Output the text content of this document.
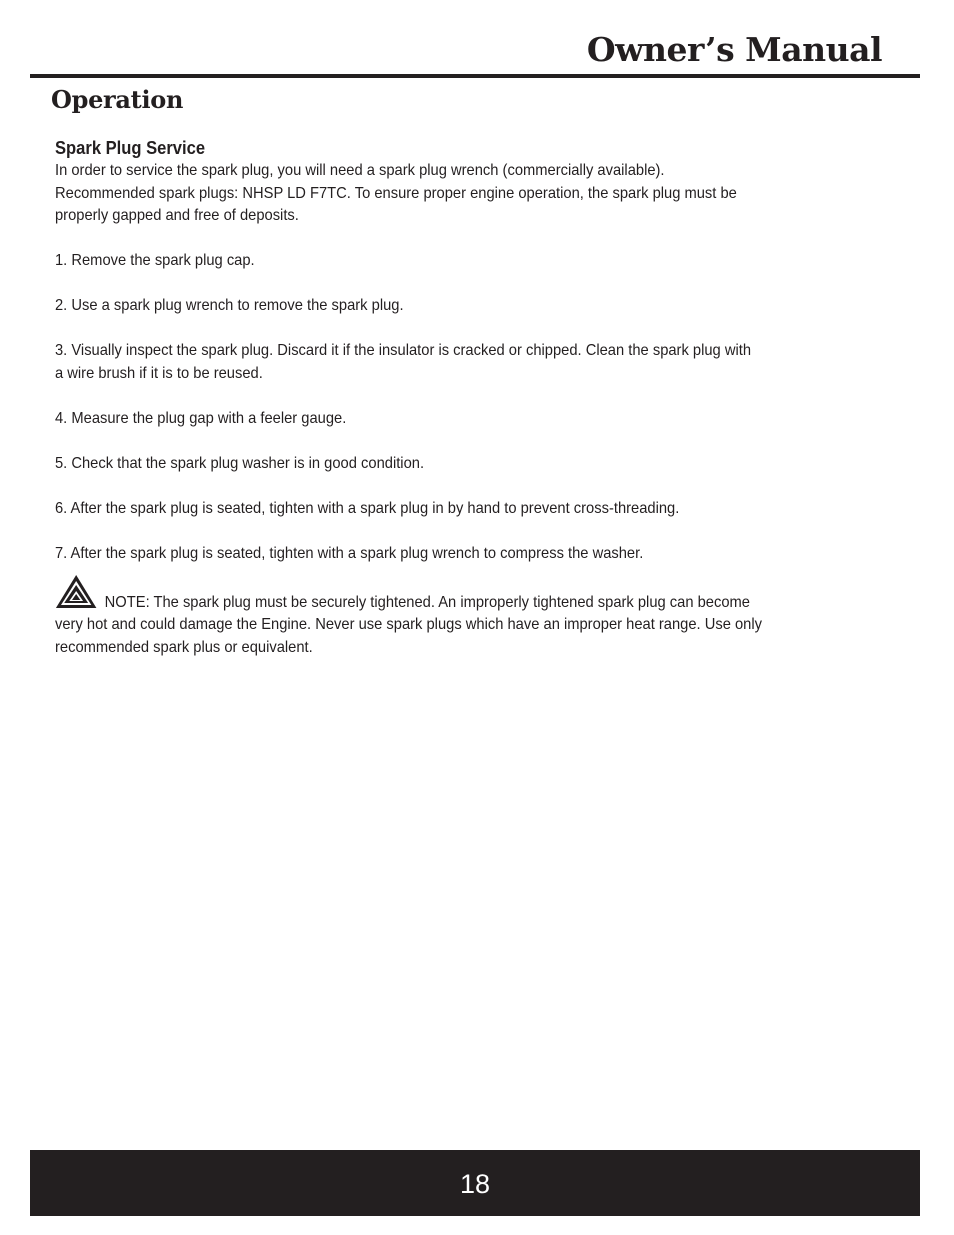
Owner’s Manual
Operation

Spark Plug Service

In order to service the spark plug, you will need a spark plug wrench (commercially available).

Recommended spark plugs: NHSP LD F7TC. To ensure proper engine operation, the spark plug must be

properly gapped and free of deposits.

1. Remove the spark plug cap.

2. Use a spark plug wrench to remove the spark plug.

3. Visually inspect the spark plug. Discard it if the insulator is cracked or chipped. Clean the spark plug with

a wire brush if it is to be reused.

4. Measure the plug gap with a feeler gauge.

5. Check that the spark plug washer is in good condition.

6. After the spark plug is seated, tighten with a spark plug in by hand to prevent cross-threading.

7. After the spark plug is seated, tighten with a spark plug wrench to compress the washer.

NOTE: The spark plug must be securely tightened. An improperly tightened spark plug can become

very hot and could damage the Engine. Never use spark plugs which have an improper heat range. Use only

recommended spark plus or equivalent.

18
